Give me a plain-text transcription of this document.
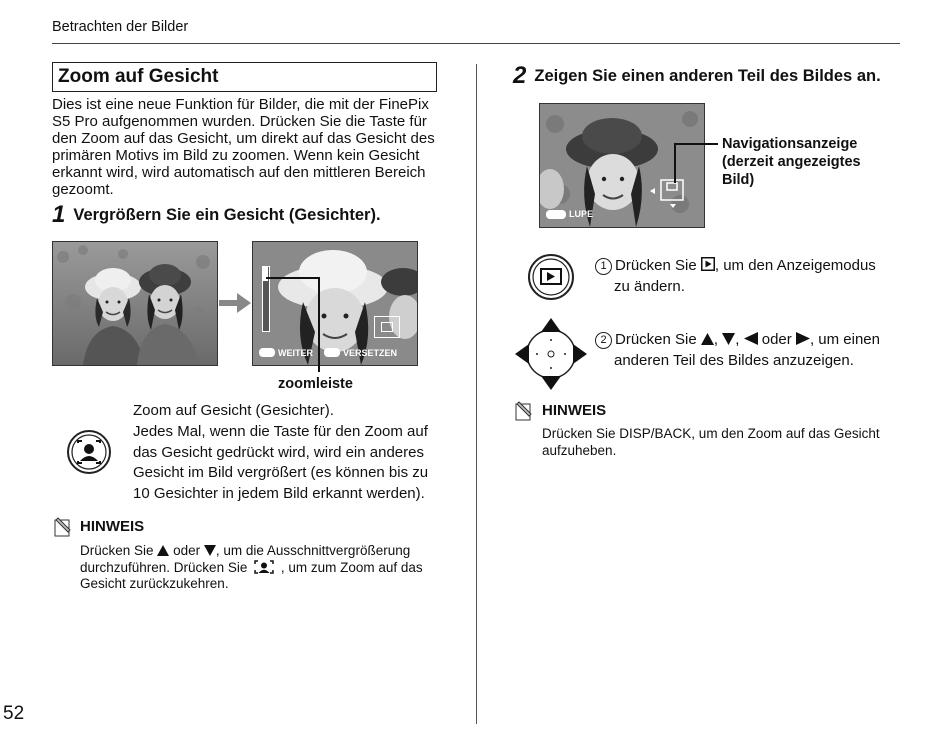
Betrachten der Bilder
52
Zoom auf Gesicht
Dies ist eine neue Funktion für Bilder, die mit der FinePix
S5 Pro aufgenommen wurden. Drücken Sie die Taste für
den Zoom auf das Gesicht, um direkt auf das Gesicht des
primären Motivs im Bild zu zoomen. Wenn kein Gesicht
erkannt wird, wird automatisch auf den mittleren Bereich
gezoomt.
1 Vergrößern Sie ein Gesicht (Gesichter).
WEITER	VERSETZEN
zoomleiste
Zoom auf Gesicht (Gesichter).
Jedes Mal, wenn die Taste für den Zoom auf
das Gesicht gedrückt wird, wird ein anderes
Gesicht im Bild vergrößert (es können bis zu
10 Gesichter in jedem Bild erkannt werden).
HINWEIS
Drücken Sie oder , um die Ausschnittvergrößerung
durchzuführen. Drücken Sie , um zum Zoom auf das
Gesicht zurückzukehren.
2 Zeigen Sie einen anderen Teil des Bildes an.
LUPE
Navigationsanzeige
(derzeit angezeigtes
Bild)
1 Drücken Sie , um den Anzeigemodus
zu ändern.
2 Drücken Sie , , oder , um einen
anderen Teil des Bildes anzuzeigen.
HINWEIS
Drücken Sie DISP/BACK, um den Zoom auf das Gesicht
aufzuheben.
